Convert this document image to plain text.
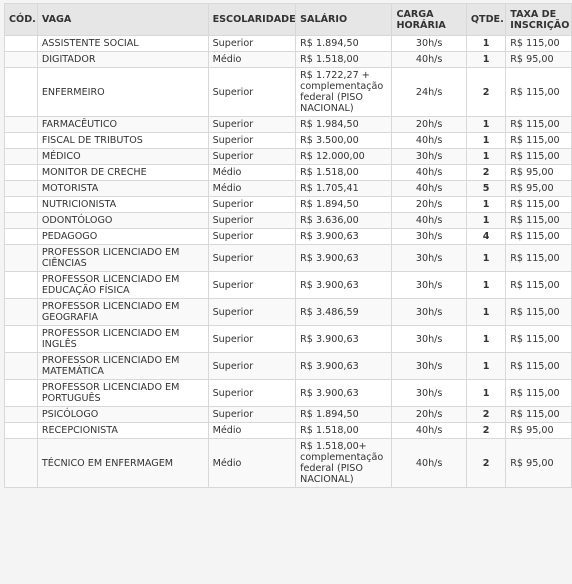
CÓD.	VAGA	ESCOLARIDADE	SALÁRIO	CARGA HORÁRIA	QTDE.	TAXA DE INSCRIÇÃO
	ASSISTENTE SOCIAL	Superior	R$ 1.894,50	30h/s	1	R$ 115,00
	DIGITADOR	Médio	R$ 1.518,00	40h/s	1	R$ 95,00
	ENFERMEIRO	Superior	R$ 1.722,27 + complementação federal (PISO NACIONAL)	24h/s	2	R$ 115,00
	FARMACÊUTICO	Superior	R$ 1.984,50	20h/s	1	R$ 115,00
	FISCAL DE TRIBUTOS	Superior	R$ 3.500,00	40h/s	1	R$ 115,00
	MÉDICO	Superior	R$ 12.000,00	30h/s	1	R$ 115,00
	MONITOR DE CRECHE	Médio	R$ 1.518,00	40h/s	2	R$ 95,00
	MOTORISTA	Médio	R$ 1.705,41	40h/s	5	R$ 95,00
	NUTRICIONISTA	Superior	R$ 1.894,50	20h/s	1	R$ 115,00
	ODONTÓLOGO	Superior	R$ 3.636,00	40h/s	1	R$ 115,00
	PEDAGOGO	Superior	R$ 3.900,63	30h/s	4	R$ 115,00
	PROFESSOR LICENCIADO EM CIÊNCIAS	Superior	R$ 3.900,63	30h/s	1	R$ 115,00
	PROFESSOR LICENCIADO EM EDUCAÇÃO FÍSICA	Superior	R$ 3.900,63	30h/s	1	R$ 115,00
	PROFESSOR LICENCIADO EM GEOGRAFIA	Superior	R$ 3.486,59	30h/s	1	R$ 115,00
	PROFESSOR LICENCIADO EM INGLÊS	Superior	R$ 3.900,63	30h/s	1	R$ 115,00
	PROFESSOR LICENCIADO EM MATEMÁTICA	Superior	R$ 3.900,63	30h/s	1	R$ 115,00
	PROFESSOR LICENCIADO EM PORTUGUÊS	Superior	R$ 3.900,63	30h/s	1	R$ 115,00
	PSICÓLOGO	Superior	R$ 1.894,50	20h/s	2	R$ 115,00
	RECEPCIONISTA	Médio	R$ 1.518,00	40h/s	2	R$ 95,00
	TÉCNICO EM ENFERMAGEM	Médio	R$ 1.518,00+ complementação federal (PISO NACIONAL)	40h/s	2	R$ 95,00
